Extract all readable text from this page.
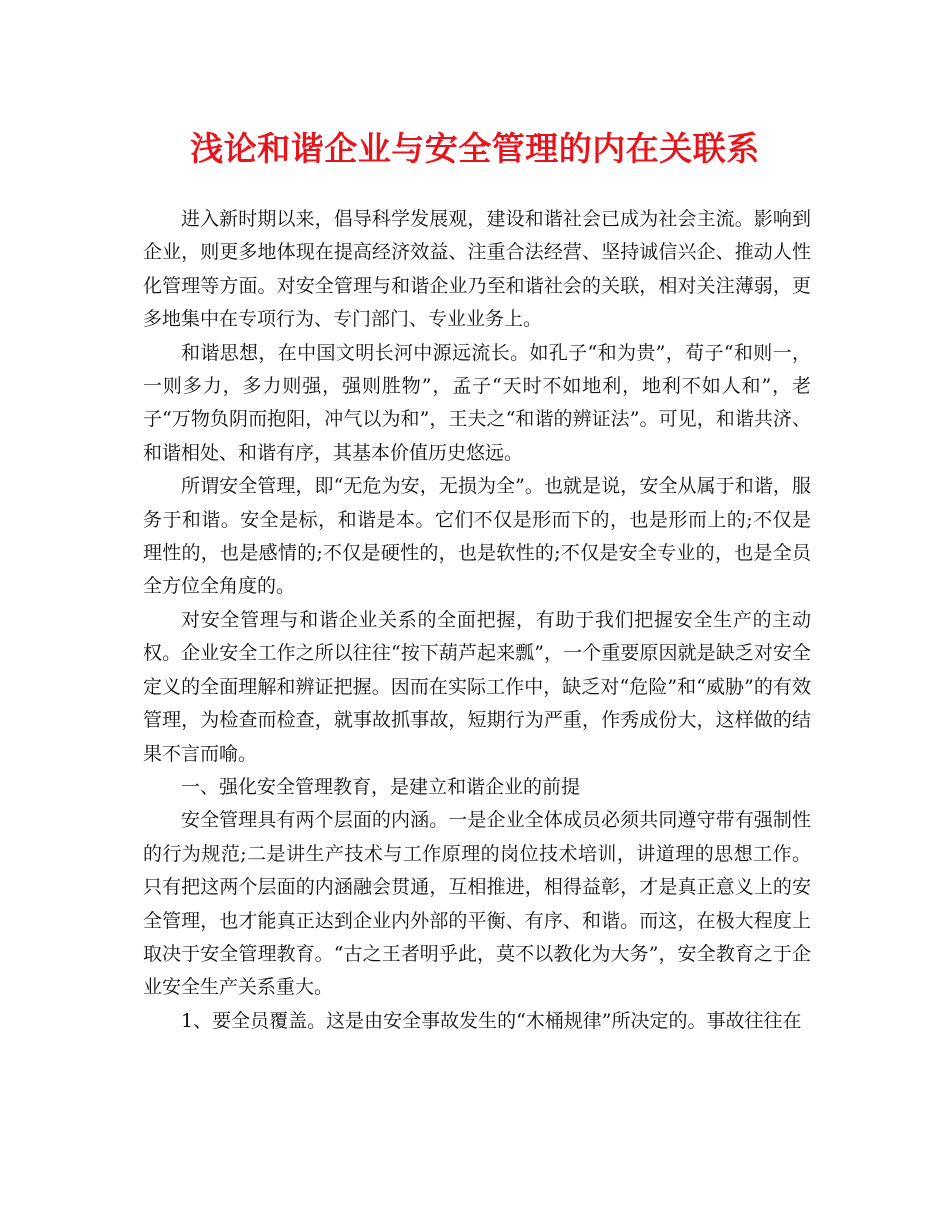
浅论和谐企业与安全管理的内在关联系

进入新时期以来，倡导科学发展观，建设和谐社会已成为社会主流。影响到企业，则更多地体现在提高经济效益、注重合法经营、坚持诚信兴企、推动人性化管理等方面。对安全管理与和谐企业乃至和谐社会的关联，相对关注薄弱，更多地集中在专项行为、专门部门、专业业务上。

和谐思想，在中国文明长河中源远流长。如孔子“和为贵”，荀子“和则一，一则多力，多力则强，强则胜物”，孟子“天时不如地利，地利不如人和”，老子“万物负阴而抱阳，冲气以为和”，王夫之“和谐的辨证法”。可见，和谐共济、和谐相处、和谐有序，其基本价值历史悠远。

所谓安全管理，即“无危为安，无损为全”。也就是说，安全从属于和谐，服务于和谐。安全是标，和谐是本。它们不仅是形而下的，也是形而上的;不仅是理性的，也是感情的;不仅是硬性的，也是软性的;不仅是安全专业的，也是全员全方位全角度的。

对安全管理与和谐企业关系的全面把握，有助于我们把握安全生产的主动权。企业安全工作之所以往往“按下葫芦起来瓢”，一个重要原因就是缺乏对安全定义的全面理解和辨证把握。因而在实际工作中，缺乏对“危险”和“威胁”的有效管理，为检查而检查，就事故抓事故，短期行为严重，作秀成份大，这样做的结果不言而喻。

一、强化安全管理教育，是建立和谐企业的前提

安全管理具有两个层面的内涵。一是企业全体成员必须共同遵守带有强制性的行为规范;二是讲生产技术与工作原理的岗位技术培训，讲道理的思想工作。只有把这两个层面的内涵融会贯通，互相推进，相得益彰，才是真正意义上的安全管理，也才能真正达到企业内外部的平衡、有序、和谐。而这，在极大程度上取决于安全管理教育。“古之王者明乎此，莫不以教化为大务”，安全教育之于企业安全生产关系重大。

1、要全员覆盖。这是由安全事故发生的“木桶规律”所决定的。事故往往在
